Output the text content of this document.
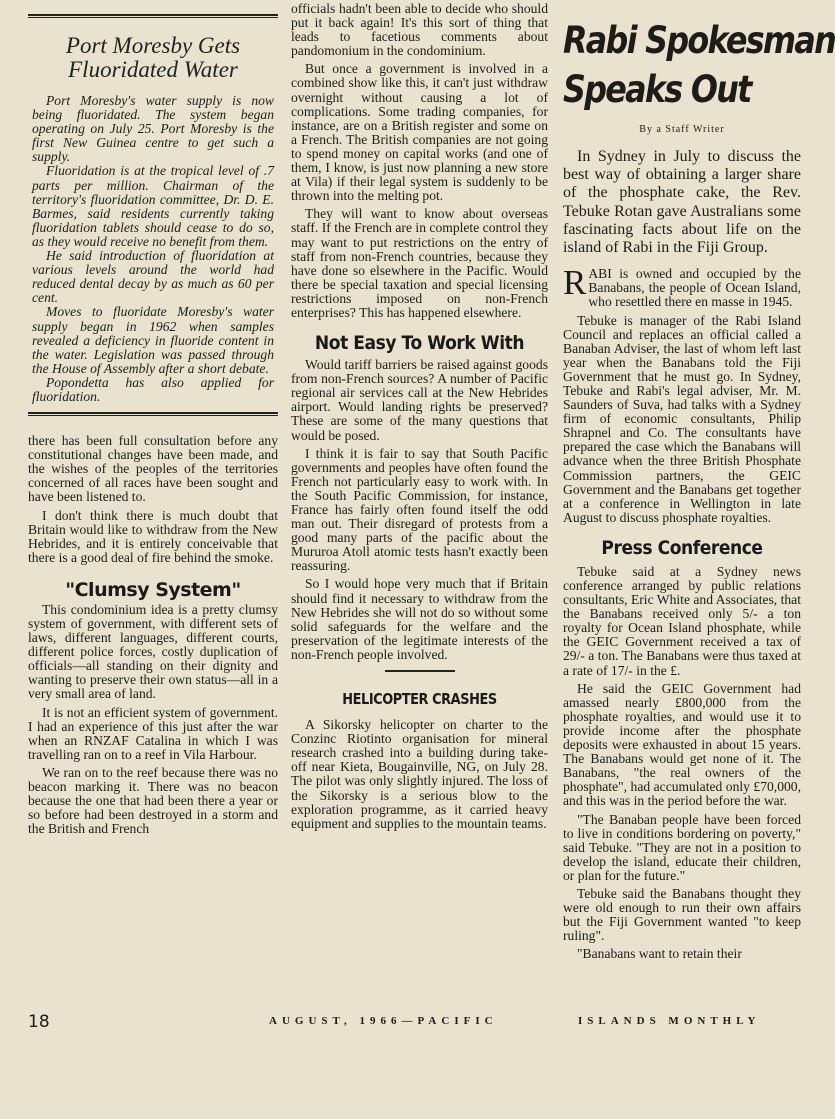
Port Moresby Gets Fluoridated Water

Port Moresby's water supply is now being fluoridated. The system began operating on July 25. Port Moresby is the first New Guinea centre to get such a supply.

Fluoridation is at the tropical level of .7 parts per million. Chairman of the territory's fluoridation committee, Dr. D. E. Barmes, said residents currently taking fluoridation tablets should cease to do so, as they would receive no benefit from them.

He said introduction of fluoridation at various levels around the world had reduced dental decay by as much as 60 per cent.

Moves to fluoridate Moresby's water supply began in 1962 when samples revealed a deficiency in fluoride content in the water. Legislation was passed through the House of Assembly after a short debate.

Popondetta has also applied for fluoridation.

there has been full consultation before any constitutional changes have been made, and the wishes of the peoples of the territories concerned of all races have been sought and have been listened to.

I don't think there is much doubt that Britain would like to withdraw from the New Hebrides, and it is entirely conceivable that there is a good deal of fire behind the smoke.

"Clumsy System"

This condominium idea is a pretty clumsy system of government, with different sets of laws, different languages, different courts, different police forces, costly duplication of officials—all standing on their dignity and wanting to preserve their own status—all in a very small area of land.

It is not an efficient system of government. I had an experience of this just after the war when an RNZAF Catalina in which I was travelling ran on to a reef in Vila Harbour.

We ran on to the reef because there was no beacon marking it. There was no beacon because the one that had been there a year or so before had been destroyed in a storm and the British and French

officials hadn't been able to decide who should put it back again! It's this sort of thing that leads to facetious comments about pandomonium in the condominium.

But once a government is involved in a combined show like this, it can't just withdraw overnight without causing a lot of complications. Some trading companies, for instance, are on a British register and some on a French. The British companies are not going to spend money on capital works (and one of them, I know, is just now planning a new store at Vila) if their legal system is suddenly to be thrown into the melting pot.

They will want to know about overseas staff. If the French are in complete control they may want to put restrictions on the entry of staff from non-French countries, because they have done so elsewhere in the Pacific. Would there be special taxation and special licensing restrictions imposed on non-French enterprises? This has happened elsewhere.

Not Easy To Work With

Would tariff barriers be raised against goods from non-French sources? A number of Pacific regional air services call at the New Hebrides airport. Would landing rights be preserved? These are some of the many questions that would be posed.

I think it is fair to say that South Pacific governments and peoples have often found the French not particularly easy to work with. In the South Pacific Commission, for instance, France has fairly often found itself the odd man out. Their disregard of protests from a good many parts of the pacific about the Mururoa Atoll atomic tests hasn't exactly been reassuring.

So I would hope very much that if Britain should find it necessary to withdraw from the New Hebrides she will not do so without some solid safeguards for the welfare and the preservation of the legitimate interests of the non-French people involved.

HELICOPTER CRASHES

A Sikorsky helicopter on charter to the Conzinc Riotinto organisation for mineral research crashed into a building during take-off near Kieta, Bougainville, NG, on July 28. The pilot was only slightly injured. The loss of the Sikorsky is a serious blow to the exploration programme, as it carried heavy equipment and supplies to the mountain teams.

Rabi Spokesman
Speaks Out
By a Staff Writer

In Sydney in July to discuss the best way of obtaining a larger share of the phosphate cake, the Rev. Tebuke Rotan gave Australians some fascinating facts about life on the island of Rabi in the Fiji Group.

RABI is owned and occupied by the Banabans, the people of Ocean Island, who resettled there en masse in 1945.

Tebuke is manager of the Rabi Island Council and replaces an official called a Banaban Adviser, the last of whom left last year when the Banabans told the Fiji Government that he must go. In Sydney, Tebuke and Rabi's legal adviser, Mr. M. Saunders of Suva, had talks with a Sydney firm of economic consultants, Philip Shrapnel and Co. The consultants have prepared the case which the Banabans will advance when the three British Phosphate Commission partners, the GEIC Government and the Banabans get together at a conference in Wellington in late August to discuss phosphate royalties.

Press Conference

Tebuke said at a Sydney news conference arranged by public relations consultants, Eric White and Associates, that the Banabans received only 5/- a ton royalty for Ocean Island phosphate, while the GEIC Government received a tax of 29/- a ton. The Banabans were thus taxed at a rate of 17/- in the £.

He said the GEIC Government had amassed nearly £800,000 from the phosphate royalties, and would use it to provide income after the phosphate deposits were exhausted in about 15 years. The Banabans would get none of it. The Banabans, "the real owners of the phosphate", had accumulated only £70,000, and this was in the period before the war.

"The Banaban people have been forced to live in conditions bordering on poverty," said Tebuke. "They are not in a position to develop the island, educate their children, or plan for the future."

Tebuke said the Banabans thought they were old enough to run their own affairs but the Fiji Government wanted "to keep ruling".

"Banabans want to retain their

18	AUGUST, 1966—PACIFIC	ISLANDS MONTHLY
